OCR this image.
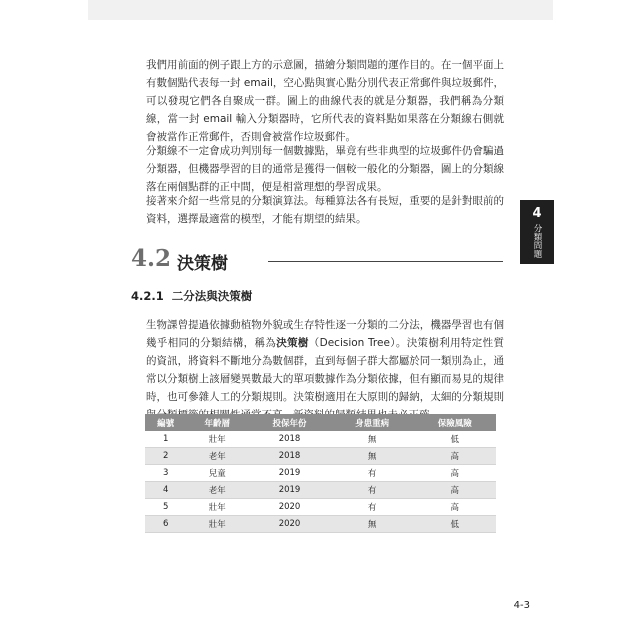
我們用前面的例子跟上方的示意圖，描繪分類問題的運作目的。在一個平面上有數個點代表每一封 email，空心點與實心點分別代表正常郵件與垃圾郵件，可以發現它們各自聚成一群。圖上的曲線代表的就是分類器，我們稱為分類線，當一封 email 輸入分類器時，它所代表的資料點如果落在分類線右側就會被當作正常郵件，否則會被當作垃圾郵件。

分類線不一定會成功判別每一個數據點，畢竟有些非典型的垃圾郵件仍會騙過分類器，但機器學習的目的通常是獲得一個較一般化的分類器，圖上的分類線落在兩個點群的正中間，便是相當理想的學習成果。

接著來介紹一些常見的分類演算法。每種算法各有長短，重要的是針對眼前的資料，選擇最適當的模型，才能有期望的結果。

4.2 決策樹
4.2.1 二分法與決策樹

生物課曾提過依據動植物外貌或生存特性逐一分類的二分法，機器學習也有個幾乎相同的分類結構，稱為決策樹（Decision Tree）。決策樹利用特定性質的資訊，將資料不斷地分為數個群，直到每個子群大都屬於同一類別為止，通常以分類樹上該層變異數最大的單項數據作為分類依據，但有顯而易見的規律時，也可參雜人工的分類規則。決策樹適用在大原則的歸納，太細的分類規則

4
分類問題
編號	年齡層	投保年份	身患重病	保險風險
1	壯年	2018	無	低
2	老年	2018	無	高
3	兒童	2019	有	高
4	老年	2019	有	高
5	壯年	2020	有	高
6	壯年	2020	無	低
4-3
